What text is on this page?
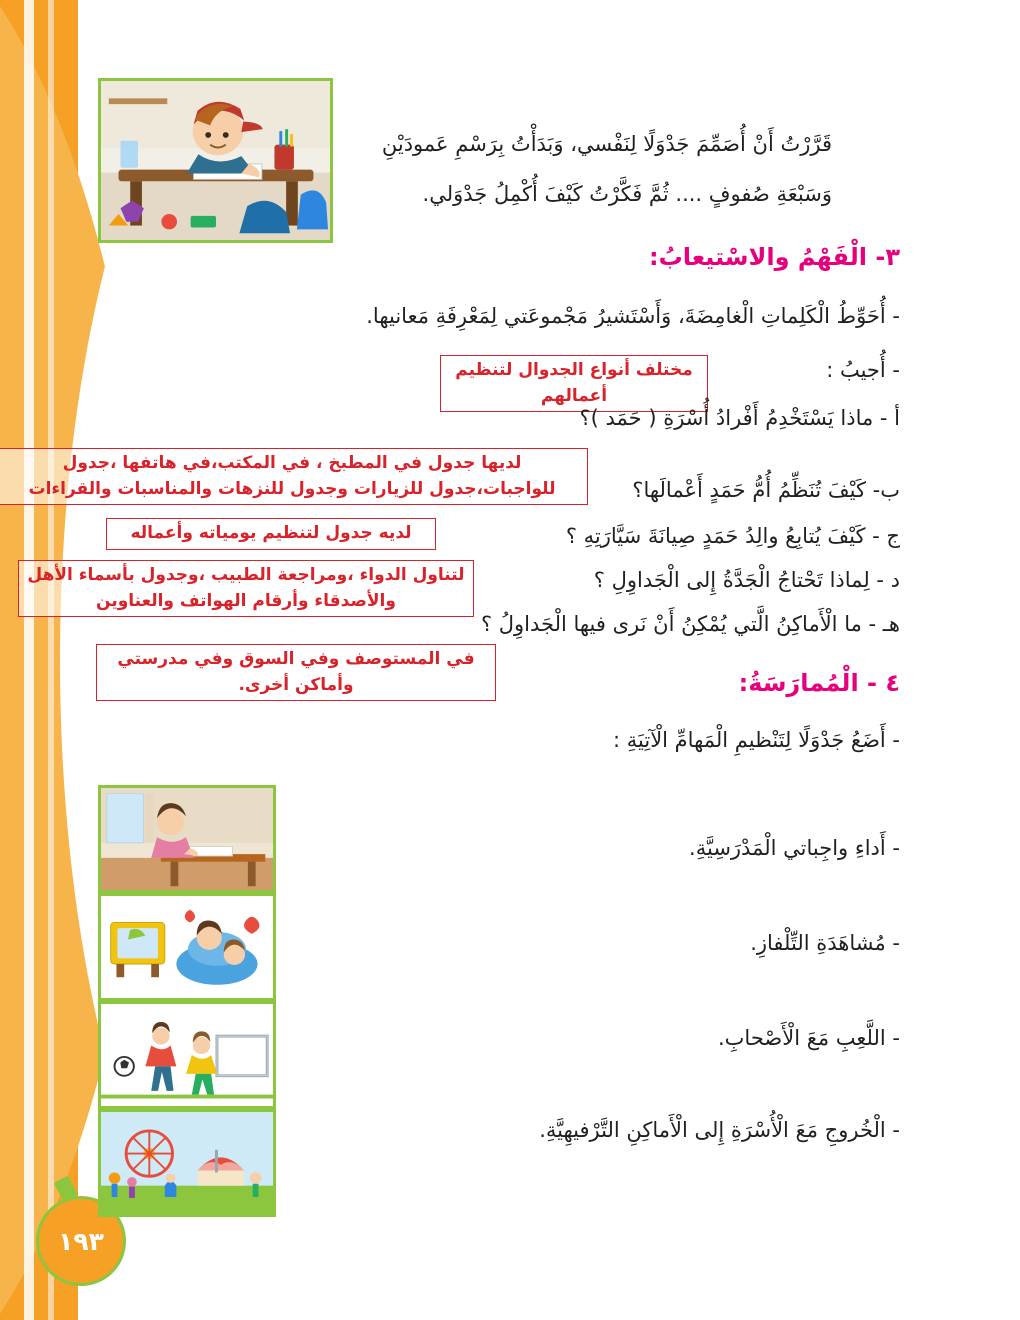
١٩٣
قَرَّرْتُ أَنْ أُصَمِّمَ جَدْوَلًا لِنَفْسي، وَبَدَأْتُ بِرَسْمِ عَمودَيْنِ
وَسَبْعَةِ صُفوفٍ .... ثُمَّ فَكَّرْتُ كَيْفَ أُكْمِلُ جَدْوَلي.
٣- الْفَهْمُ والاسْتيعابُ:
- أُحَوِّطُ الْكَلِماتِ الْغامِضَةَ، وَأَسْتَشيرُ مَجْموعَتي لِمَعْرِفَةِ مَعانيها.
- أُجيبُ :
مختلف أنواع الجدوال لتنظيم أعمالهم
أ - ماذا يَسْتَخْدِمُ أَفْرادُ أُسْرَةِ ( حَمَد )؟
لديها جدول في المطبخ ، في المكتب،في هاتفها ،جدول للواجبات،جدول للزيارات وجدول للنزهات والمناسبات والقراءات	ب- كَيْفَ تُنَظِّمُ أُمُّ حَمَدٍ أَعْمالَها؟
ج - كَيْفَ يُتابِعُ والِدُ حَمَدٍ صِيانَةَ سَيَّارَتِهِ ؟
لديه جدول لتنظيم يومياته وأعماله
د - لِماذا تَحْتاجُ الْجَدَّةُ إِلى الْجَداوِلِ ؟
لتناول الدواء ،ومراجعة الطبيب ،وجدول بأسماء الأهل والأصدقاء وأرقام الهواتف والعناوين
هـ - ما الْأَماكِنُ الَّتي يُمْكِنُ أَنْ نَرى فيها الْجَداوِلُ ؟
في المستوصف وفي السوق وفي مدرستي وأماكن أخرى.	٤ - الْمُمارَسَةُ:
- أَضَعُ جَدْوَلًا لِتَنْظيمِ الْمَهامِّ الْآتِيَةِ :
- أَداءِ واجِباتي الْمَدْرَسِيَّةِ.
- مُشاهَدَةِ التِّلْفازِ.
- اللَّعِبِ مَعَ الْأَصْحابِ.
- الْخُروجِ مَعَ الْأُسْرَةِ إِلى الْأَماكِنِ التَّرْفيهِيَّةِ.
